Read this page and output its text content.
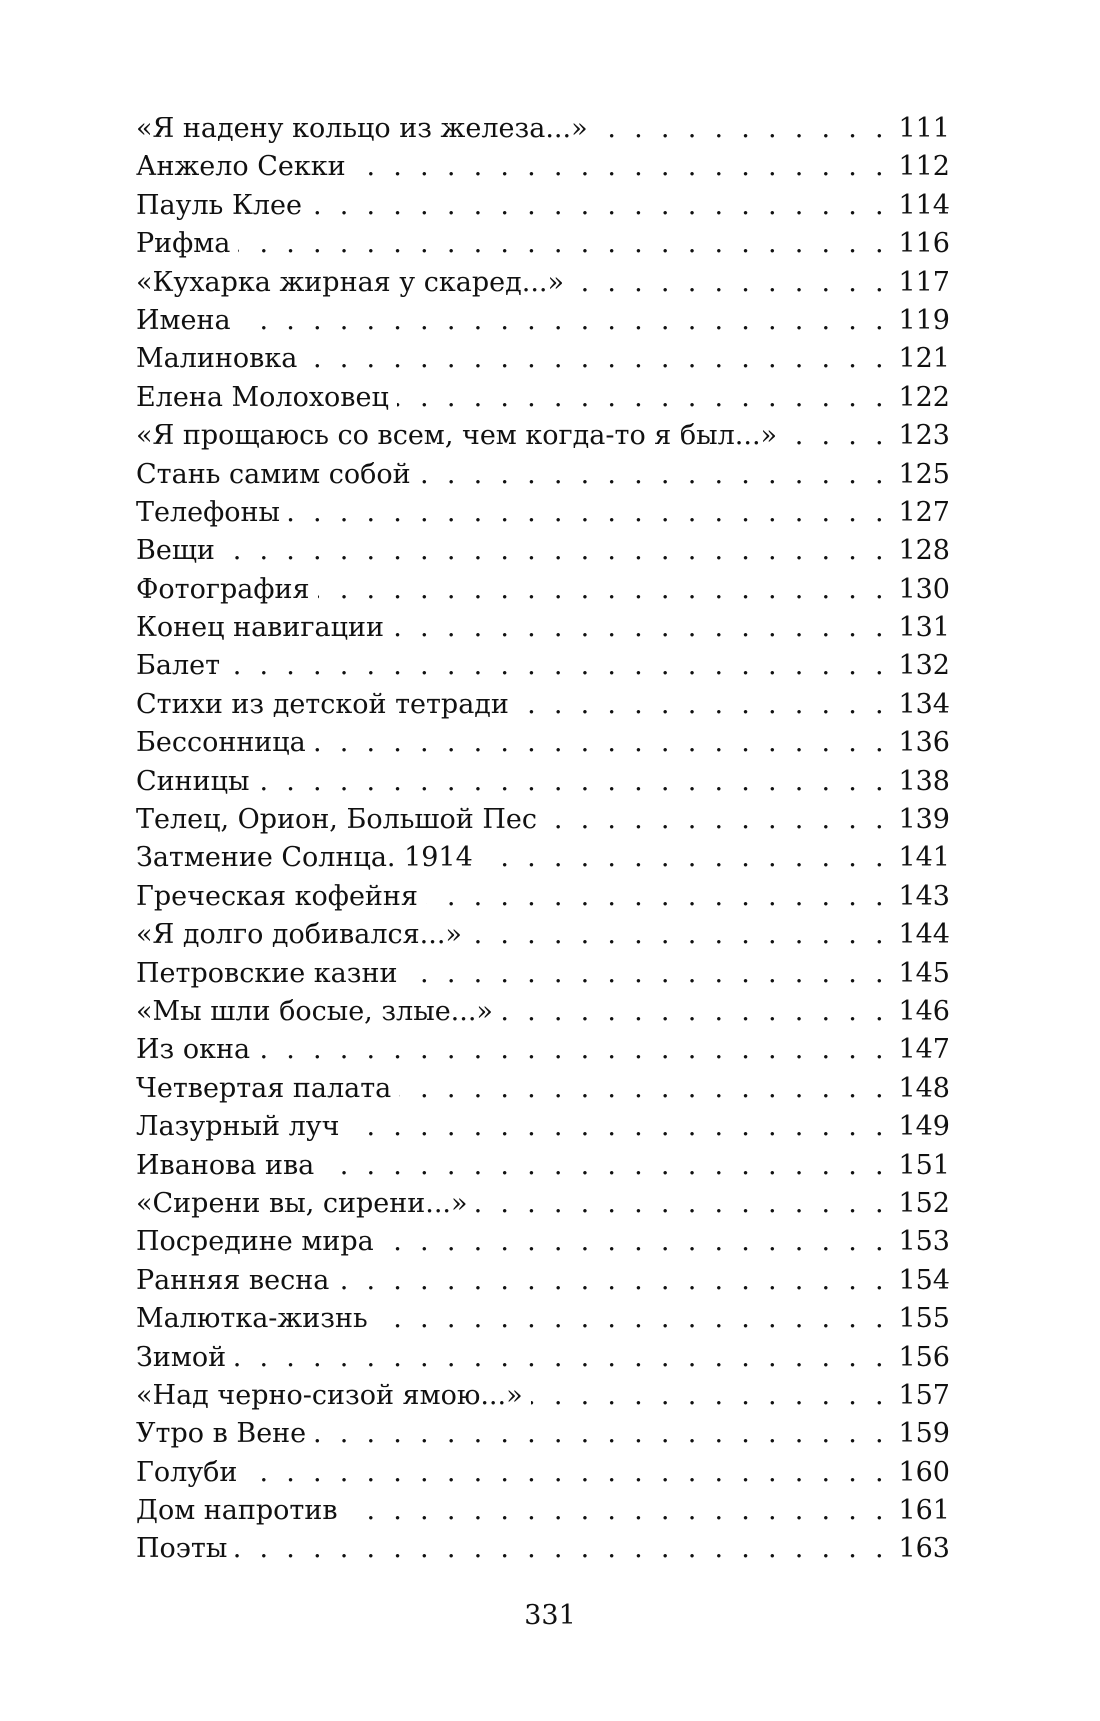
«Я надену кольцо из железа...» . . .	111
Анжело Секки . . .	112
Пауль Клее . . .	114
Рифма . . .	116
«Кухарка жирная у скаред...» . . .	117
Имена . . .	119
Малиновка . . .	121
Елена Молоховец . . .	122
«Я прощаюсь со всем, чем когда-то я был...» . . .	123
Стань самим собой . . .	125
Телефоны . . .	127
Вещи . . .	128
Фотография . . .	130
Конец навигации . . .	131
Балет . . .	132
Стихи из детской тетради . . .	134
Бессонница . . .	136
Синицы . . .	138
Телец, Орион, Большой Пес . . .	139
Затмение Солнца. 1914 . . .	141
Греческая кофейня . . .	143
«Я долго добивался...» . . .	144
Петровские казни . . .	145
«Мы шли босые, злые...» . . .	146
Из окна . . .	147
Четвертая палата . . .	148
Лазурный луч . . .	149
Иванова ива . . .	151
«Сирени вы, сирени...» . . .	152
Посредине мира . . .	153
Ранняя весна . . .	154
Малютка-жизнь . . .	155
Зимой . . .	156
«Над черно-сизой ямою...» . . .	157
Утро в Вене . . .	159
Голуби . . .	160
Дом напротив . . .	161
Поэты . . .	163
331
